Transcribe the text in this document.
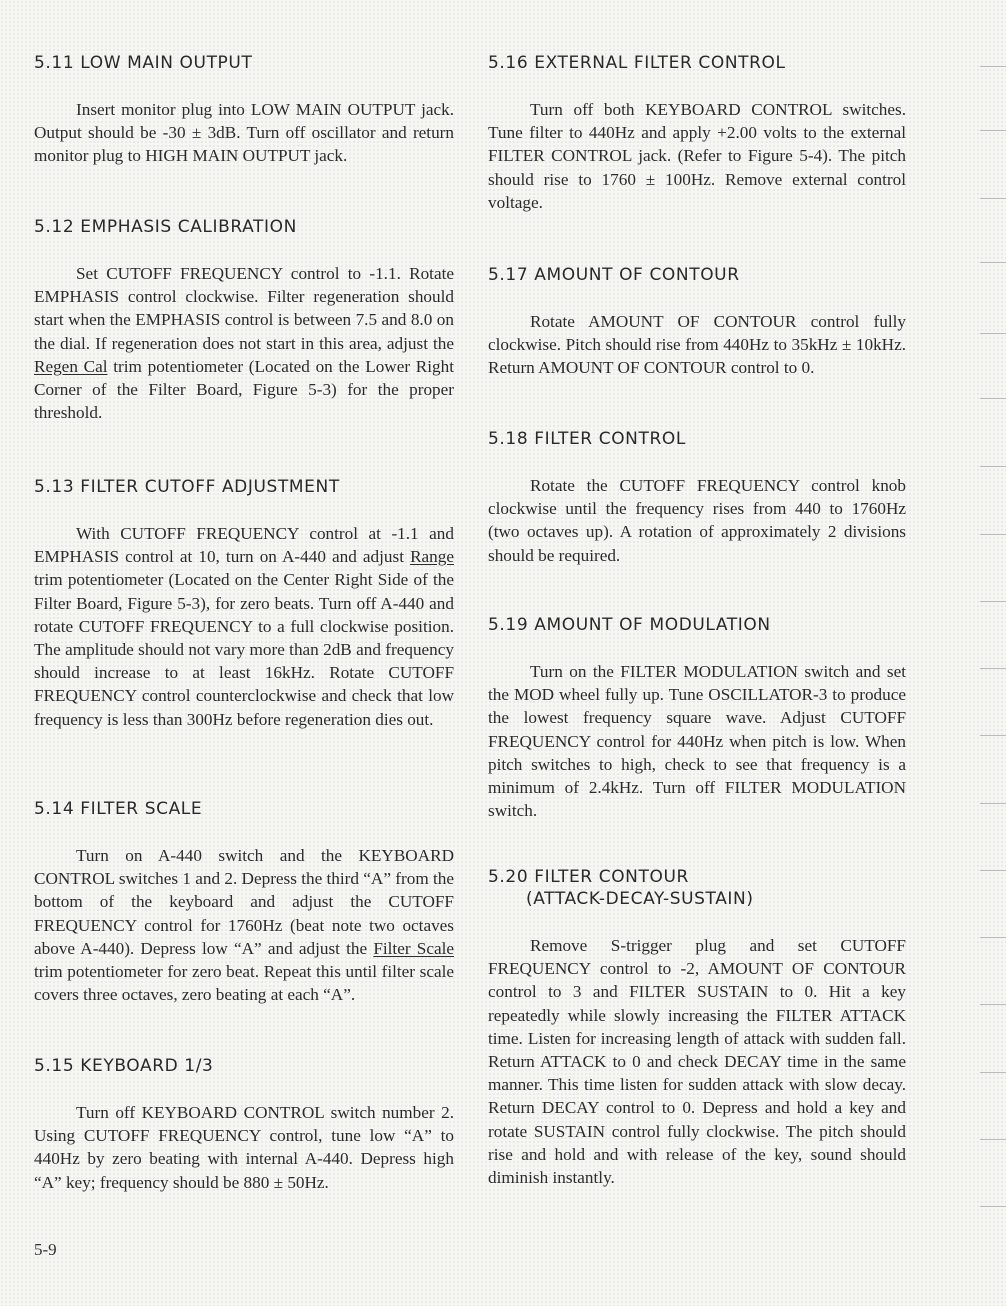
5.11 LOW MAIN OUTPUT

Insert monitor plug into LOW MAIN OUTPUT jack. Output should be -30 ± 3dB. Turn off oscillator and return monitor plug to HIGH MAIN OUTPUT jack.

5.12 EMPHASIS CALIBRATION

Set CUTOFF FREQUENCY control to -1.1. Rotate EMPHASIS control clockwise. Filter regeneration should start when the EMPHASIS control is between 7.5 and 8.0 on the dial. If regeneration does not start in this area, adjust the Regen Cal trim potentiometer (Located on the Lower Right Corner of the Filter Board, Figure 5-3) for the proper threshold.

5.13 FILTER CUTOFF ADJUSTMENT

With CUTOFF FREQUENCY control at -1.1 and EMPHASIS control at 10, turn on A-440 and adjust Range trim potentiometer (Located on the Center Right Side of the Filter Board, Figure 5-3), for zero beats. Turn off A-440 and rotate CUTOFF FREQUENCY to a full clockwise position. The amplitude should not vary more than 2dB and frequency should increase to at least 16kHz. Rotate CUTOFF FREQUENCY control counterclockwise and check that low frequency is less than 300Hz before regeneration dies out.

5.14 FILTER SCALE

Turn on A-440 switch and the KEYBOARD CONTROL switches 1 and 2. Depress the third “A” from the bottom of the keyboard and adjust the CUTOFF FREQUENCY control for 1760Hz (beat note two octaves above A-440). Depress low “A” and adjust the Filter Scale trim potentiometer for zero beat. Repeat this until filter scale covers three octaves, zero beating at each “A”.

5.15 KEYBOARD 1/3

Turn off KEYBOARD CONTROL switch number 2. Using CUTOFF FREQUENCY control, tune low “A” to 440Hz by zero beating with internal A-440. Depress high “A” key; frequency should be 880 ± 50Hz.

5.16 EXTERNAL FILTER CONTROL

Turn off both KEYBOARD CONTROL switches. Tune filter to 440Hz and apply +2.00 volts to the external FILTER CONTROL jack. (Refer to Figure 5-4). The pitch should rise to 1760 ± 100Hz. Remove external control voltage.

5.17 AMOUNT OF CONTOUR

Rotate AMOUNT OF CONTOUR control fully clockwise. Pitch should rise from 440Hz to 35kHz ± 10kHz. Return AMOUNT OF CONTOUR control to 0.

5.18 FILTER CONTROL

Rotate the CUTOFF FREQUENCY control knob clockwise until the frequency rises from 440 to 1760Hz (two octaves up). A rotation of approximately 2 divisions should be required.

5.19 AMOUNT OF MODULATION

Turn on the FILTER MODULATION switch and set the MOD wheel fully up. Tune OSCILLATOR-3 to produce the lowest frequency square wave. Adjust CUTOFF FREQUENCY control for 440Hz when pitch is low. When pitch switches to high, check to see that frequency is a minimum of 2.4kHz. Turn off FILTER MODULATION switch.

5.20 FILTER CONTOUR
(ATTACK-DECAY-SUSTAIN)

Remove S-trigger plug and set CUTOFF FREQUENCY control to -2, AMOUNT OF CONTOUR control to 3 and FILTER SUSTAIN to 0. Hit a key repeatedly while slowly increasing the FILTER ATTACK time. Listen for increasing length of attack with sudden fall. Return ATTACK to 0 and check DECAY time in the same manner. This time listen for sudden attack with slow decay. Return DECAY control to 0. Depress and hold a key and rotate SUSTAIN control fully clockwise. The pitch should rise and hold and with release of the key, sound should diminish instantly.

5-9
